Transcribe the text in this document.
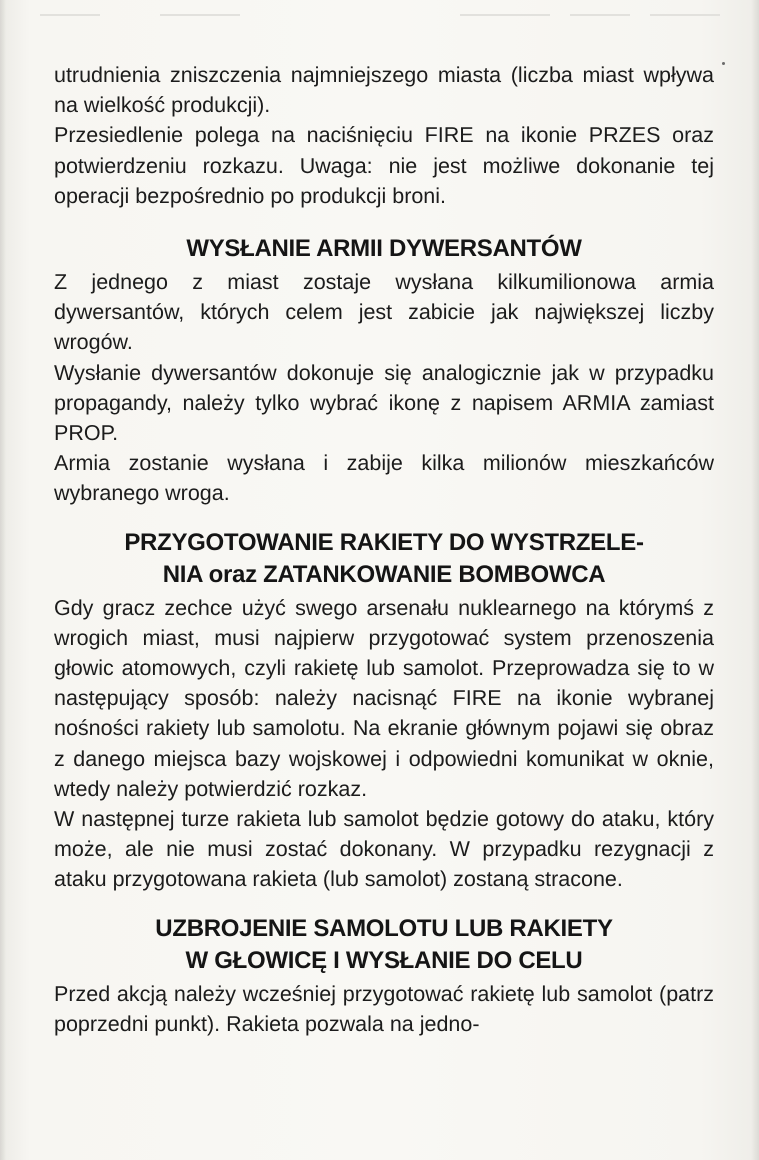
utrudnienia zniszczenia najmniejszego miasta (liczba miast wpływa na wielkość produkcji).

Przesiedlenie polega na naciśnięciu FIRE na ikonie PRZES oraz potwierdzeniu rozkazu. Uwaga: nie jest możliwe dokonanie tej operacji bezpośrednio po produkcji broni.

WYSŁANIE ARMII DYWERSANTÓW

Z jednego z miast zostaje wysłana kilkumilionowa armia dywersantów, których celem jest zabicie jak największej liczby wrogów.

Wysłanie dywersantów dokonuje się analogicznie jak w przypadku propagandy, należy tylko wybrać ikonę z napisem ARMIA zamiast PROP.

Armia zostanie wysłana i zabije kilka milionów mieszkańców wybranego wroga.

PRZYGOTOWANIE RAKIETY DO WYSTRZELE-
NIA oraz ZATANKOWANIE BOMBOWCA

Gdy gracz zechce użyć swego arsenału nuklearnego na którymś z wrogich miast, musi najpierw przygotować system przenoszenia głowic atomowych, czyli rakietę lub samolot. Przeprowadza się to w następujący sposób: należy nacisnąć FIRE na ikonie wybranej nośności rakiety lub samolotu. Na ekranie głównym pojawi się obraz z danego miejsca bazy wojskowej i odpowiedni komunikat w oknie, wtedy należy potwierdzić rozkaz.

W następnej turze rakieta lub samolot będzie gotowy do ataku, który może, ale nie musi zostać dokonany. W przypadku rezygnacji z ataku przygotowana rakieta (lub samolot) zostaną stracone.

UZBROJENIE SAMOLOTU LUB RAKIETY
W GŁOWICĘ I WYSŁANIE DO CELU

Przed akcją należy wcześniej przygotować rakietę lub samolot (patrz poprzedni punkt). Rakieta pozwala na jedno-
